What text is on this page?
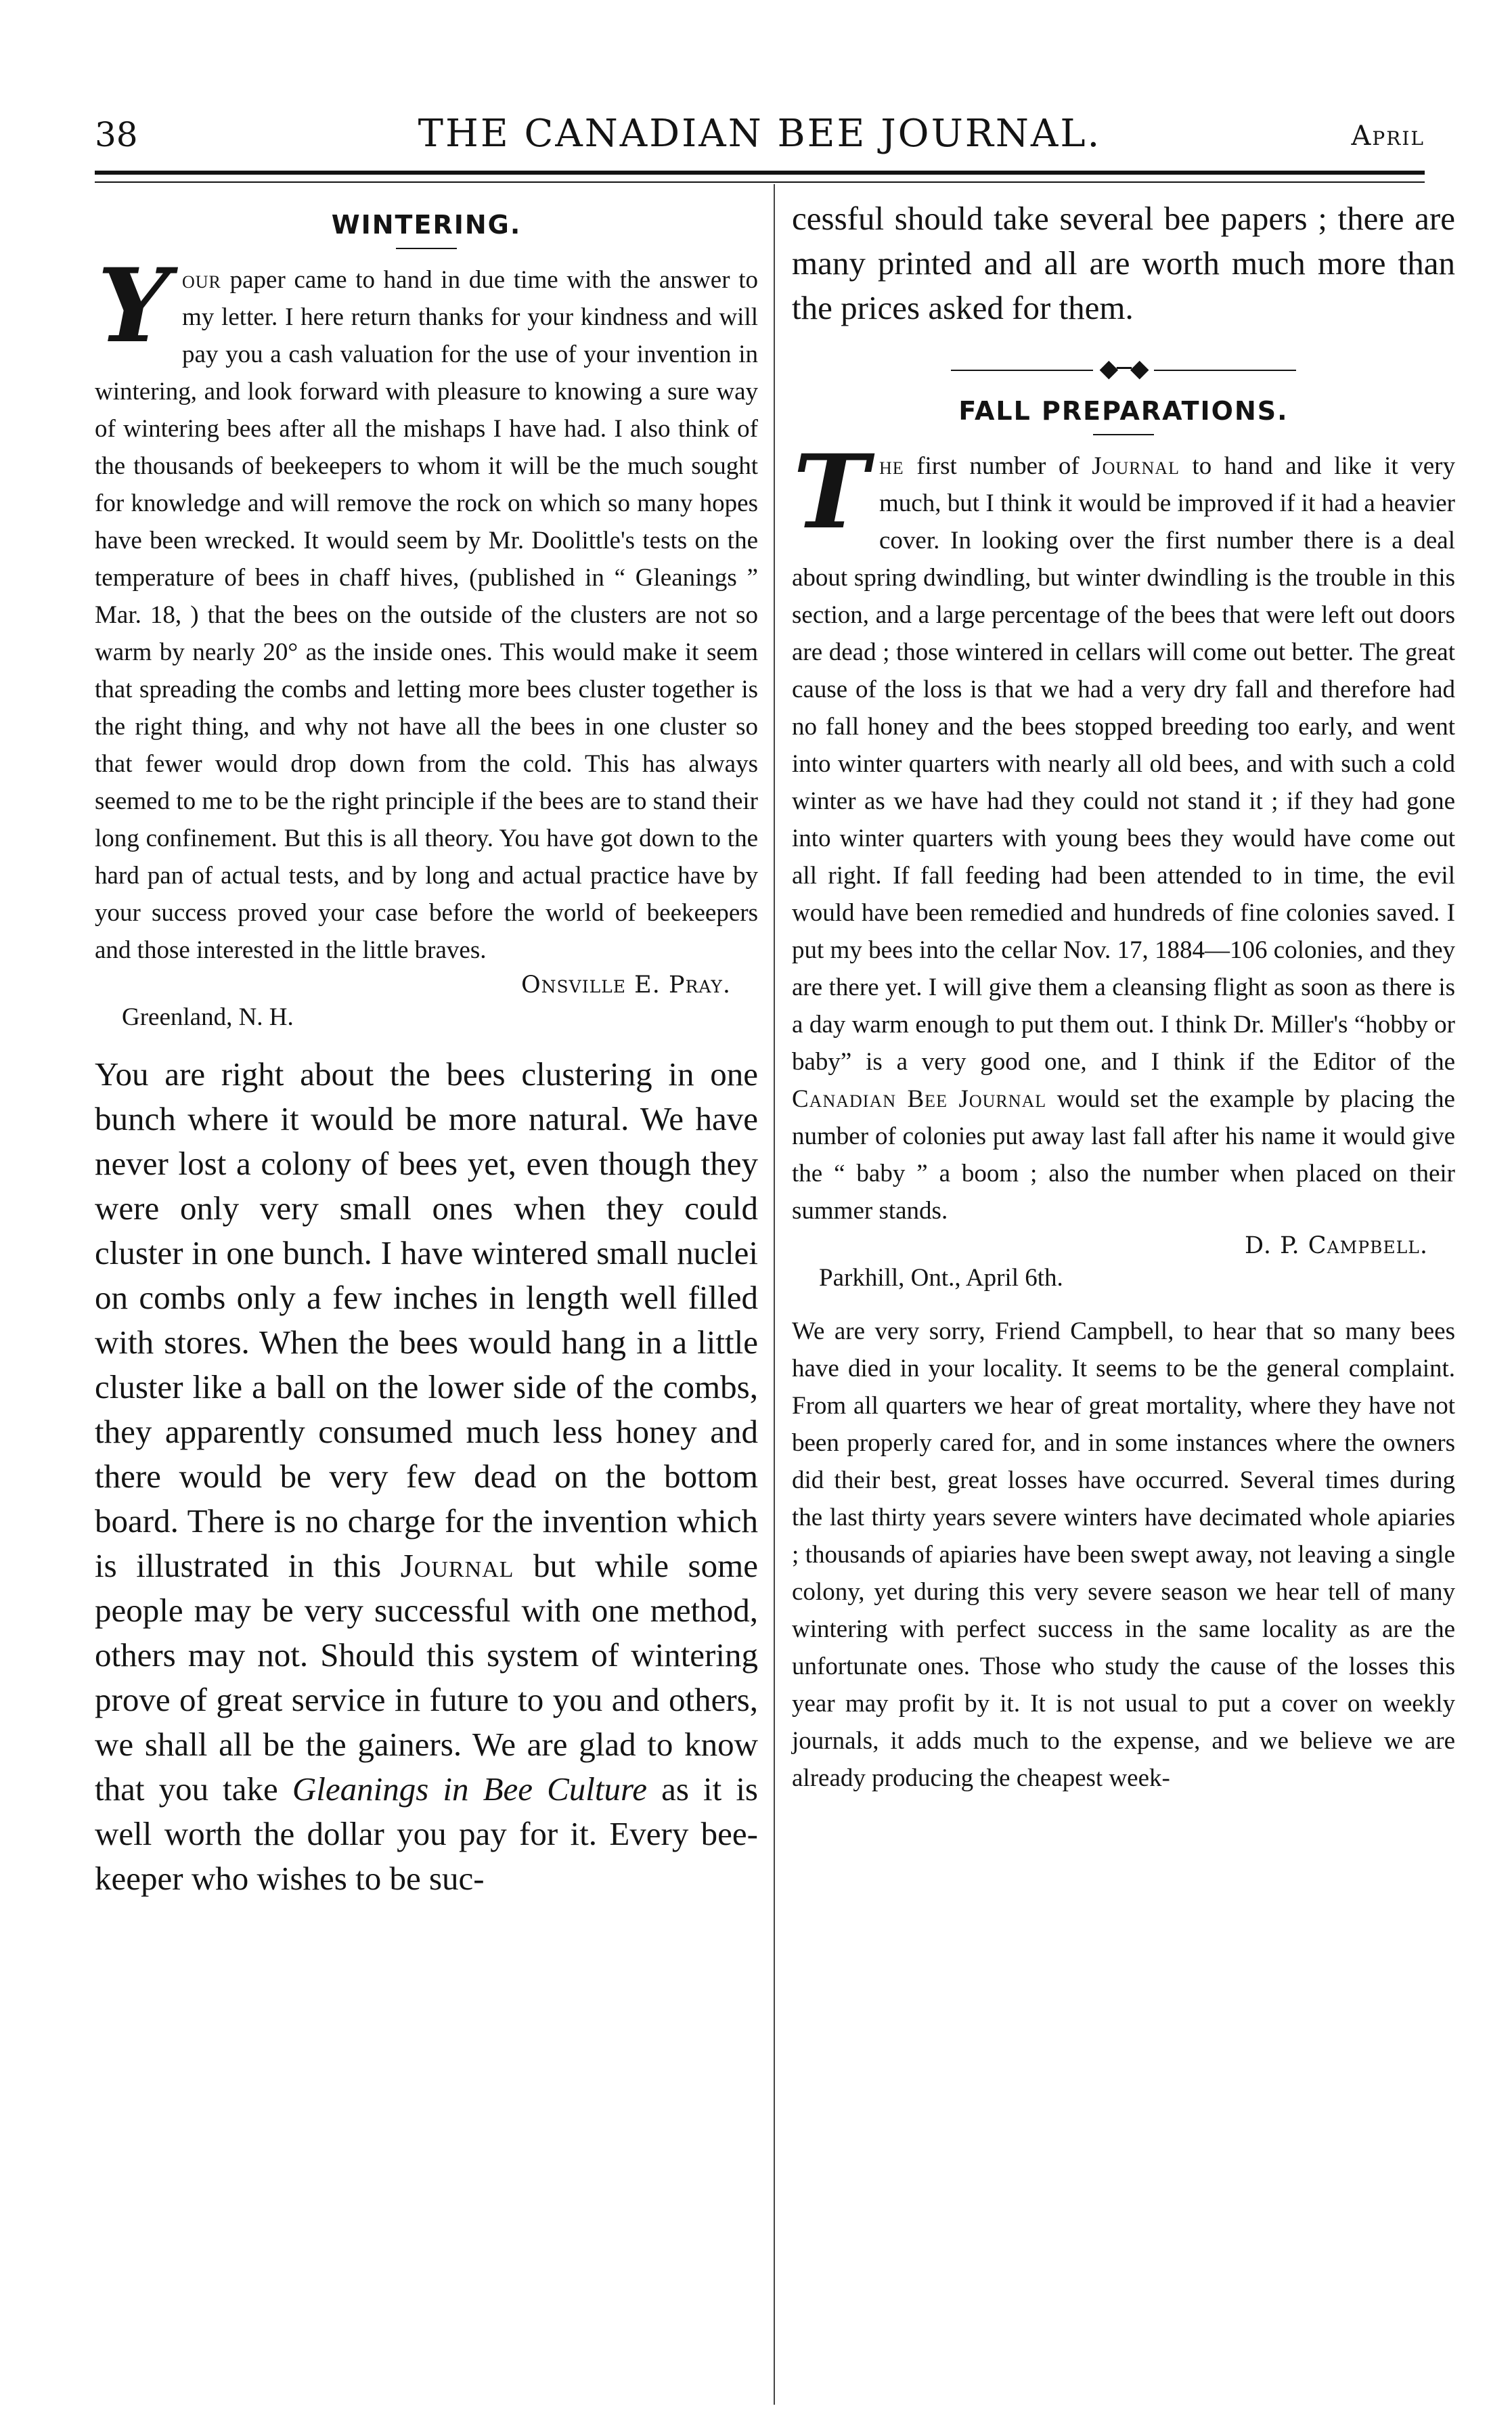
38	THE CANADIAN BEE JOURNAL.	April
WINTERING.

Your paper came to hand in due time with the answer to my letter. I here return thanks for your kindness and will pay you a cash valuation for the use of your invention in wintering, and look forward with pleasure to knowing a sure way of wintering bees after all the mishaps I have had. I also think of the thousands of beekeepers to whom it will be the much sought for knowledge and will remove the rock on which so many hopes have been wrecked. It would seem by Mr. Doolittle's tests on the temperature of bees in chaff hives, (published in “ Gleanings ” Mar. 18, ) that the bees on the outside of the clusters are not so warm by nearly 20° as the inside ones. This would make it seem that spreading the combs and letting more bees cluster together is the right thing, and why not have all the bees in one cluster so that fewer would drop down from the cold. This has always seemed to me to be the right principle if the bees are to stand their long confinement. But this is all theory. You have got down to the hard pan of actual tests, and by long and actual practice have by your success proved your case before the world of beekeepers and those interested in the little braves.

Onsville E. Pray.
Greenland, N. H.

You are right about the bees clustering in one bunch where it would be more natural. We have never lost a colony of bees yet, even though they were only very small ones when they could cluster in one bunch. I have wintered small nuclei on combs only a few inches in length well filled with stores. When the bees would hang in a little cluster like a ball on the lower side of the combs, they apparently consumed much less honey and there would be very few dead on the bottom board. There is no charge for the invention which is illustrated in this Journal but while some people may be very successful with one method, others may not. Should this system of wintering prove of great service in future to you and others, we shall all be the gainers. We are glad to know that you take Gleanings in Bee Culture as it is well worth the dollar you pay for it. Every bee-keeper who wishes to be suc-

cessful should take several bee papers ; there are many printed and all are worth much more than the prices asked for them.

◆─◆
FALL PREPARATIONS.

The first number of Journal to hand and like it very much, but I think it would be improved if it had a heavier cover. In looking over the first number there is a deal about spring dwindling, but winter dwindling is the trouble in this section, and a large percentage of the bees that were left out doors are dead ; those wintered in cellars will come out better. The great cause of the loss is that we had a very dry fall and therefore had no fall honey and the bees stopped breeding too early, and went into winter quarters with nearly all old bees, and with such a cold winter as we have had they could not stand it ; if they had gone into winter quarters with young bees they would have come out all right. If fall feeding had been attended to in time, the evil would have been remedied and hundreds of fine colonies saved. I put my bees into the cellar Nov. 17, 1884—106 colonies, and they are there yet. I will give them a cleansing flight as soon as there is a day warm enough to put them out. I think Dr. Miller's “hobby or baby” is a very good one, and I think if the Editor of the Canadian Bee Journal would set the example by placing the number of colonies put away last fall after his name it would give the “ baby ” a boom ; also the number when placed on their summer stands.

D. P. Campbell.
Parkhill, Ont., April 6th.

We are very sorry, Friend Campbell, to hear that so many bees have died in your locality. It seems to be the general complaint. From all quarters we hear of great mortality, where they have not been properly cared for, and in some instances where the owners did their best, great losses have occurred. Several times during the last thirty years severe winters have decimated whole apiaries ; thousands of apiaries have been swept away, not leaving a single colony, yet during this very severe season we hear tell of many wintering with perfect success in the same locality as are the unfortunate ones. Those who study the cause of the losses this year may profit by it. It is not usual to put a cover on weekly journals, it adds much to the expense, and we believe we are already producing the cheapest week-
